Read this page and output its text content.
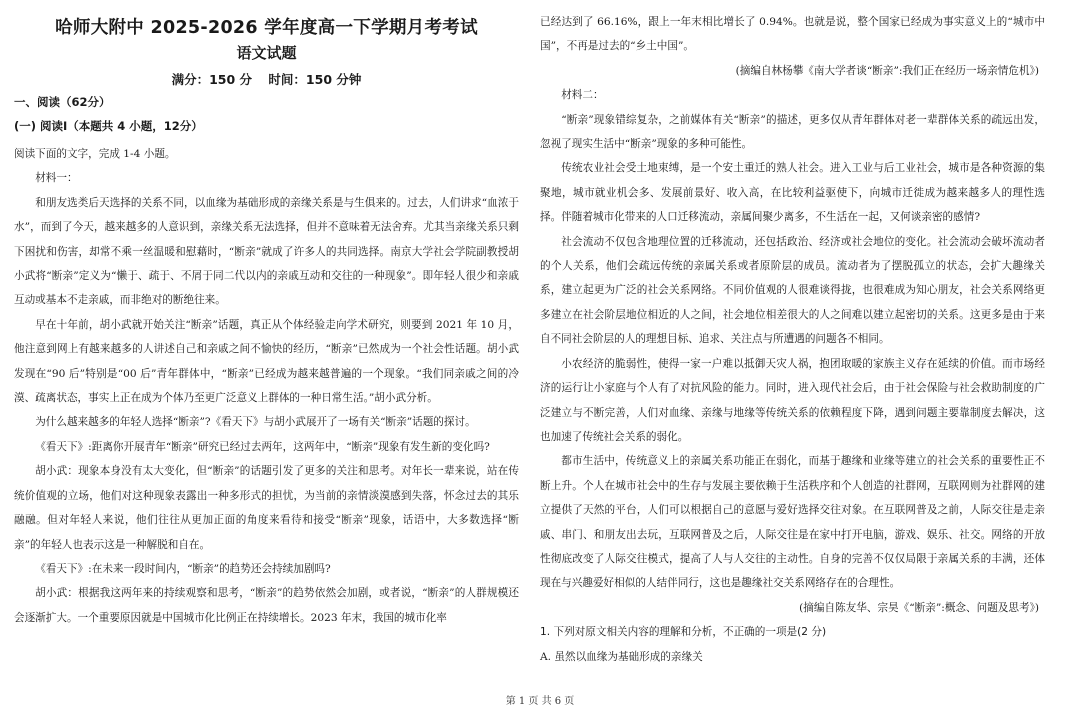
哈师大附中 2025-2026 学年度高一下学期月考考试
语文试题
满分：150 分 时间：150 分钟
一、阅读（62分）
(一) 阅读Ⅰ（本题共 4 小题，12分）

阅读下面的文字，完成 1-4 小题。

材料一：

和朋友选类后天选择的关系不同，以血缘为基础形成的亲缘关系是与生俱来的。过去，人们讲求“血浓于水”，而到了今天，越来越多的人意识到，亲缘关系无法选择，但并不意味着无法舍弃。尤其当亲缘关系只剩下困扰和伤害，却常不乘一丝温暖和慰藉时，“断亲”就成了许多人的共同选择。南京大学社会学院副教授胡小武将“断亲”定义为“懒于、疏于、不屑于同二代以内的亲戚互动和交往的一种现象”。即年轻人很少和亲戚互动或基本不走亲戚，而非绝对的断绝往来。

早在十年前，胡小武就开始关注“断亲”话题，真正从个体经验走向学术研究，则要到 2021 年 10 月，他注意到网上有越来越多的人讲述自己和亲戚之间不愉快的经历，“断亲”已然成为一个社会性话题。胡小武发现在“90 后”特别是“00 后”青年群体中，“断亲”已经成为越来越普遍的一个现象。“我们同亲戚之间的冷漠、疏离状态，事实上正在成为个体乃至更广泛意义上群体的一种日常生活。”胡小武分析。

为什么越来越多的年轻人选择“断亲”?《看天下》与胡小武展开了一场有关“断亲”话题的探讨。

《看天下》:距离你开展青年“断亲”研究已经过去两年，这两年中，“断亲”现象有发生新的变化吗?

胡小武：现象本身没有太大变化，但“断亲”的话题引发了更多的关注和思考。对年长一辈来说，站在传统价值观的立场，他们对这种现象表露出一种多形式的担忧，为当前的亲情淡漠感到失落，怀念过去的其乐融融。但对年轻人来说，他们往往从更加正面的角度来看待和接受“断亲”现象，话语中，大多数选择“断亲”的年轻人也表示这是一种解脱和自在。

《看天下》:在未来一段时间内，“断亲”的趋势还会持续加剧吗?

胡小武：根据我这两年来的持续观察和思考，“断亲”的趋势依然会加剧，或者说，“断亲”的人群规模还会逐渐扩大。一个重要原因就是中国城市化比例正在持续增长。2023 年末，我国的城市化率

已经达到了 66.16%，跟上一年末相比增长了 0.94%。也就是说，整个国家已经成为事实意义上的“城市中国”，不再是过去的“乡土中国”。

(摘编自林杨攀《南大学者谈“断亲”:我们正在经历一场亲情危机》)

材料二：

“断亲”现象错综复杂，之前媒体有关“断亲”的描述，更多仅从青年群体对老一辈群体关系的疏远出发，忽视了现实生活中“断亲”现象的多种可能性。

传统农业社会受土地束缚，是一个安土重迁的熟人社会。进入工业与后工业社会，城市是各种资源的集聚地，城市就业机会多、发展前景好、收入高，在比较利益驱使下，向城市迁徙成为越来越多人的理性选择。伴随着城市化带来的人口迁移流动，亲属间聚少离多，不生活在一起，又何谈亲密的感情?

社会流动不仅包含地理位置的迁移流动，还包括政治、经济或社会地位的变化。社会流动会破坏流动者的个人关系，他们会疏远传统的亲属关系或者原阶层的成员。流动者为了摆脱孤立的状态，会扩大趣缘关系，建立起更为广泛的社会关系网络。不同价值观的人很难谈得拢，也很难成为知心朋友，社会关系网络更多建立在社会阶层地位相近的人之间，社会地位相差很大的人之间难以建立起密切的关系。这更多是由于来自不同社会阶层的人的理想目标、追求、关注点与所遭遇的问题各不相同。

小农经济的脆弱性，使得一家一户难以抵御天灾人祸，抱团取暖的家族主义存在延续的价值。而市场经济的运行让小家庭与个人有了对抗风险的能力。同时，进入现代社会后，由于社会保险与社会救助制度的广泛建立与不断完善，人们对血缘、亲缘与地缘等传统关系的依赖程度下降，遇到问题主要靠制度去解决，这也加速了传统社会关系的弱化。

都市生活中，传统意义上的亲属关系功能正在弱化，而基于趣缘和业缘等建立的社会关系的重要性正不断上升。个人在城市社会中的生存与发展主要依赖于生活秩序和个人创造的社群网，互联网则为社群网的建立提供了天然的平台，人们可以根据自己的意愿与爱好选择交往对象。在互联网普及之前，人际交往是走亲戚、串门、和朋友出去玩，互联网普及之后，人际交往是在家中打开电脑，游戏、娱乐、社交。网络的开放性彻底改变了人际交往模式，提高了人与人交往的主动性。自身的完善不仅仅局限于亲属关系的丰满，还体现在与兴趣爱好相似的人结伴同行，这也是趣缘社交关系网络存在的合理性。

(摘编自陈友华、宗昊《“断亲”:概念、问题及思考》)

1. 下列对原文相关内容的理解和分析，不正确的一项是(2 分)
A. 虽然以血缘为基础形成的亲缘关
第 1 页 共 6 页
